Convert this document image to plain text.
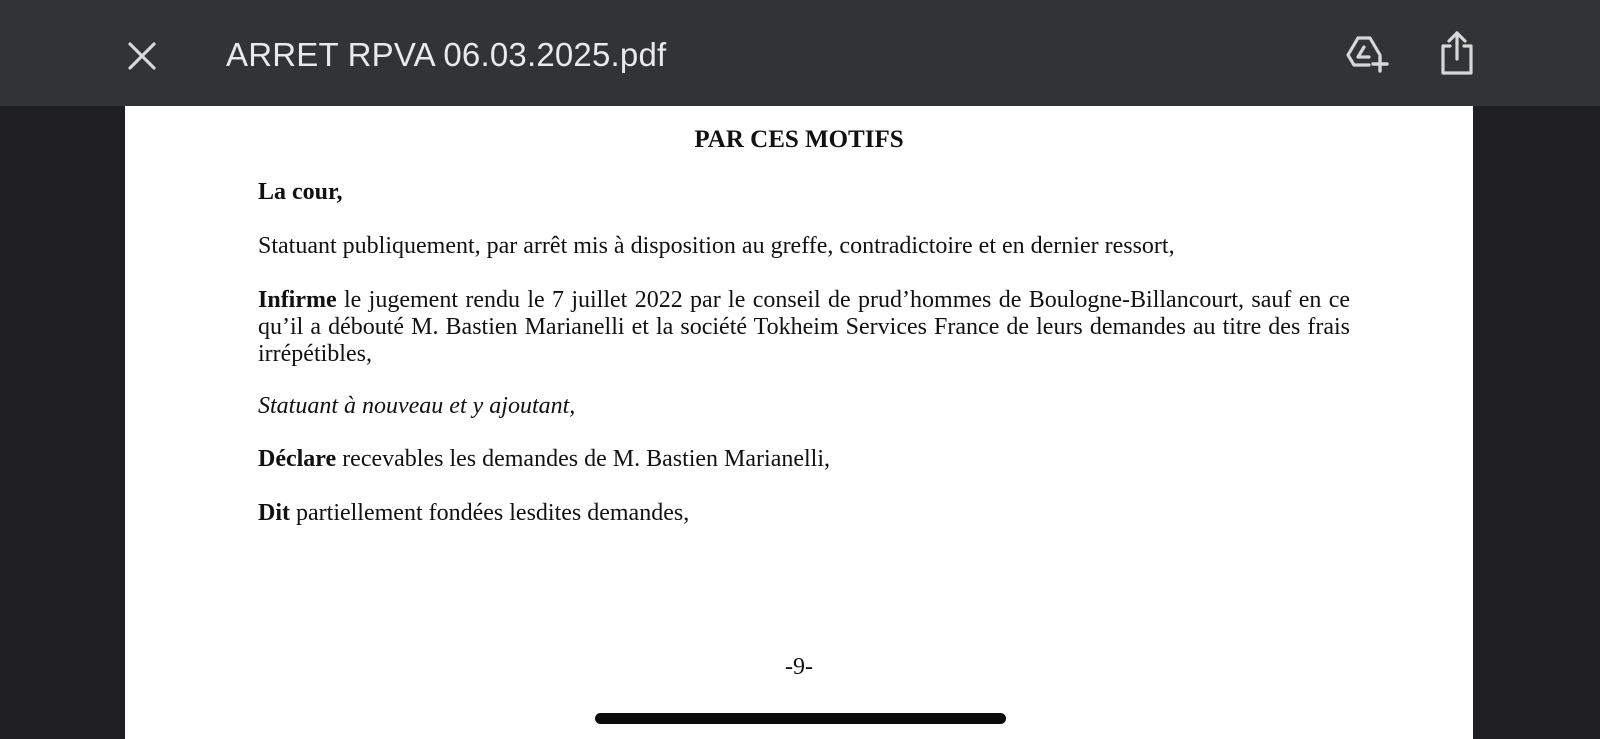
ARRET RPVA 06.03.2025.pdf
PAR CES MOTIFS
La cour,
Statuant publiquement, par arrêt mis à disposition au greffe, contradictoire et en dernier ressort,
Infirme le jugement rendu le 7 juillet 2022 par le conseil de prud’hommes de Boulogne-Billancourt, sauf en ce qu’il a débouté M. Bastien Marianelli et la société Tokheim Services France de leurs demandes au titre des frais irrépétibles,
Statuant à nouveau et y ajoutant,
Déclare recevables les demandes de M. Bastien Marianelli,
Dit partiellement fondées lesdites demandes,
-9-
